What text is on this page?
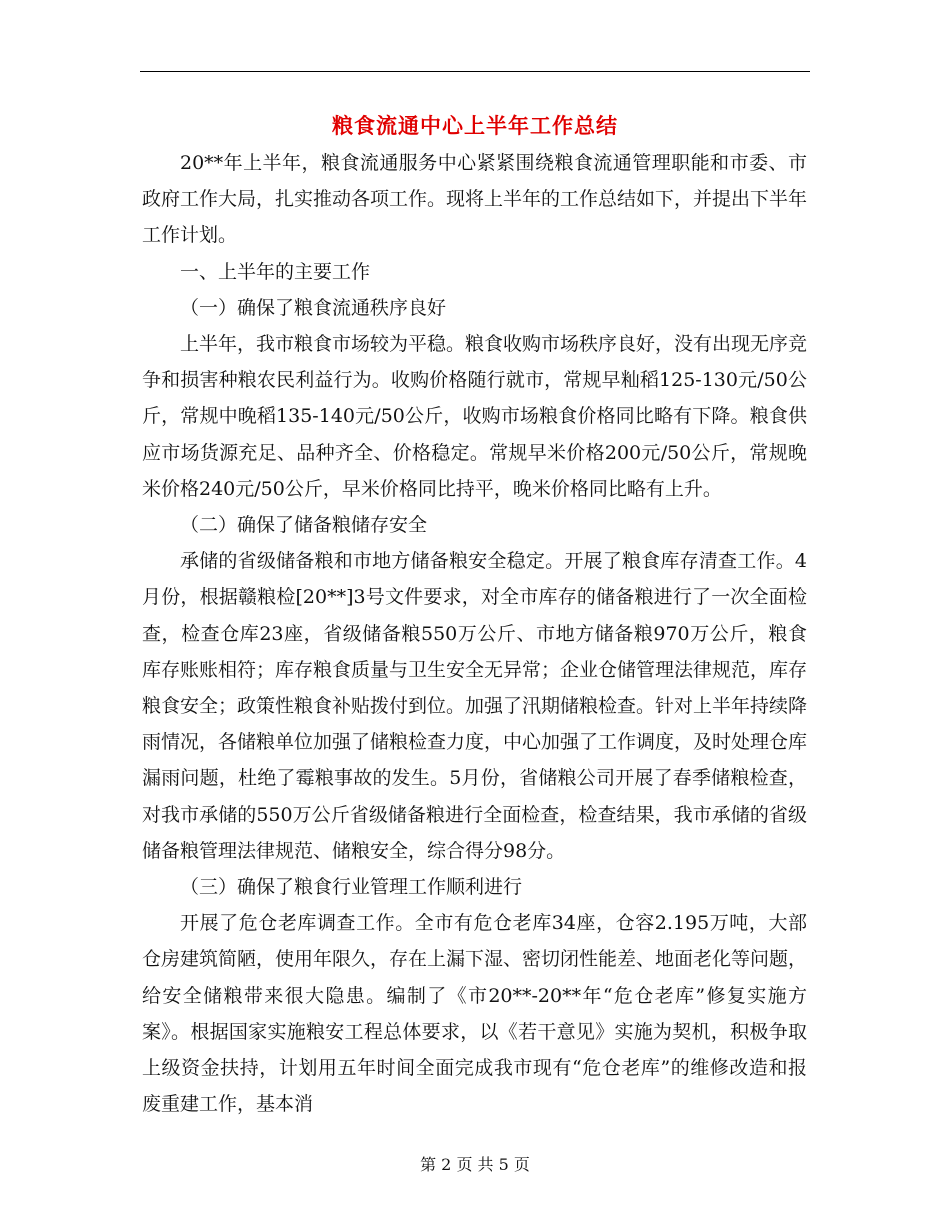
粮食流通中心上半年工作总结

20**年上半年，粮食流通服务中心紧紧围绕粮食流通管理职能和市委、市政府工作大局，扎实推动各项工作。现将上半年的工作总结如下，并提出下半年工作计划。

一、上半年的主要工作

（一）确保了粮食流通秩序良好

上半年，我市粮食市场较为平稳。粮食收购市场秩序良好，没有出现无序竞争和损害种粮农民利益行为。收购价格随行就市，常规早籼稻125-130元/50公斤，常规中晚稻135-140元/50公斤，收购市场粮食价格同比略有下降。粮食供应市场货源充足、品种齐全、价格稳定。常规早米价格200元/50公斤，常规晚米价格240元/50公斤，早米价格同比持平，晚米价格同比略有上升。

（二）确保了储备粮储存安全

承储的省级储备粮和市地方储备粮安全稳定。开展了粮食库存清查工作。4月份，根据赣粮检[20**]3号文件要求，对全市库存的储备粮进行了一次全面检查，检查仓库23座，省级储备粮550万公斤、市地方储备粮970万公斤，粮食库存账账相符；库存粮食质量与卫生安全无异常；企业仓储管理法律规范，库存粮食安全；政策性粮食补贴拨付到位。加强了汛期储粮检查。针对上半年持续降雨情况，各储粮单位加强了储粮检查力度，中心加强了工作调度，及时处理仓库漏雨问题，杜绝了霉粮事故的发生。5月份，省储粮公司开展了春季储粮检查，对我市承储的550万公斤省级储备粮进行全面检查，检查结果，我市承储的省级储备粮管理法律规范、储粮安全，综合得分98分。

（三）确保了粮食行业管理工作顺利进行

开展了危仓老库调查工作。全市有危仓老库34座，仓容2.195万吨，大部仓房建筑简陋，使用年限久，存在上漏下湿、密切闭性能差、地面老化等问题，给安全储粮带来很大隐患。编制了《市20**-20**年“危仓老库”修复实施方案》。根据国家实施粮安工程总体要求，以《若干意见》实施为契机，积极争取上级资金扶持，计划用五年时间全面完成我市现有“危仓老库”的维修改造和报废重建工作，基本消

第 2 页 共 5 页
